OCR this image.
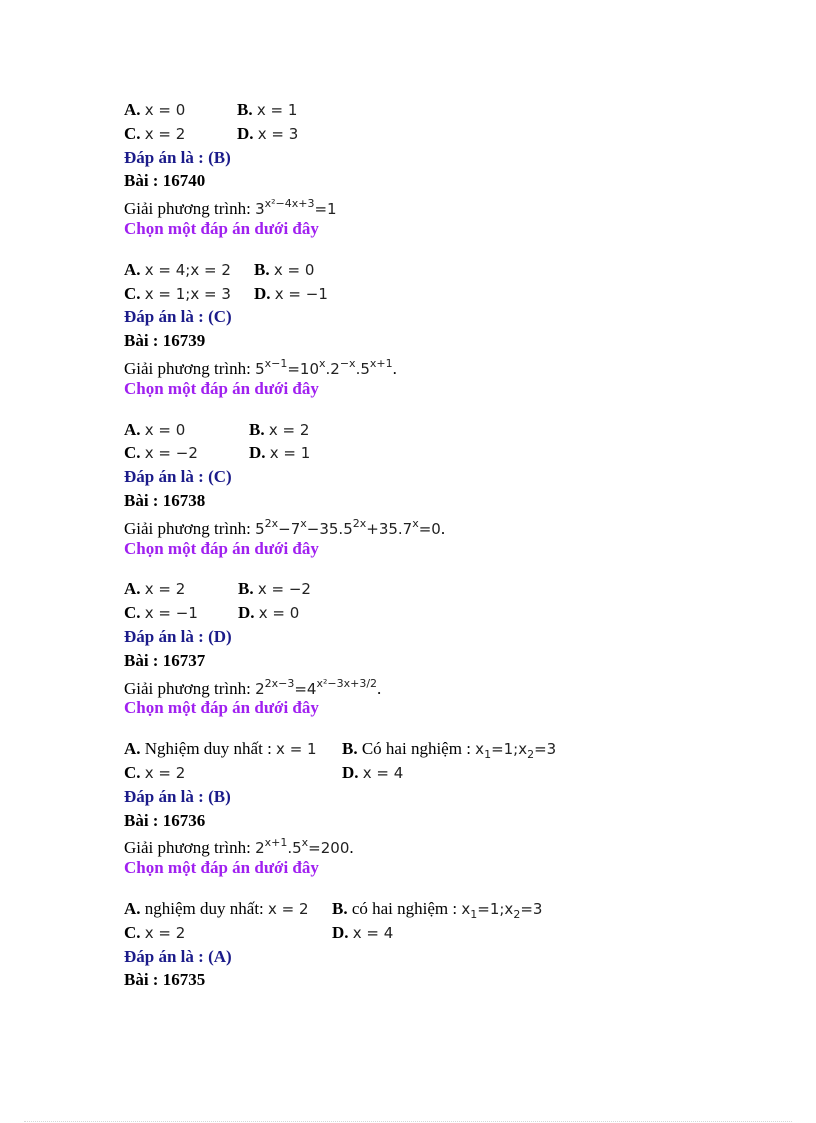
A. x = 0	B. x = 1
C. x = 2	D. x = 3
Đáp án là : (B)
Bài : 16740
Giải phương trình: $3^{x^2-4x+3}=1$
Chọn một đáp án dưới đây
A. x = 4;x = 2 B. x = 0
C. x = 1;x = 3 D. x = −1
Đáp án là : (C)
Bài : 16739
Giải phương trình: $5^{x-1}=10^x.2^{-x}.5^{x+1}$.
Chọn một đáp án dưới đây
A. x = 0	B. x = 2
C. x = −2	D. x = 1
Đáp án là : (C)
Bài : 16738
Giải phương trình: $5^{2x}-7^x-35.5^{2x}+35.7^x=0$.
Chọn một đáp án dưới đây
A. x = 2	B. x = −2
C. x = −1 D. x = 0
Đáp án là : (D)
Bài : 16737
Giải phương trình: $2^{2x-3}=4^{x^2-3x+3/2}$.
Chọn một đáp án dưới đây
A. Nghiệm duy nhất : x = 1 B. Có hai nghiệm : $x_1=1;x_2=3$
C. x = 2	D. x = 4
Đáp án là : (B)
Bài : 16736
Giải phương trình: $2^{x+1}.5^x=200$.
Chọn một đáp án dưới đây
A. nghiệm duy nhất: x = 2 B. có hai nghiệm : $x_1=1;x_2=3$
C. x = 2	D. x = 4
Đáp án là : (A)
Bài : 16735
